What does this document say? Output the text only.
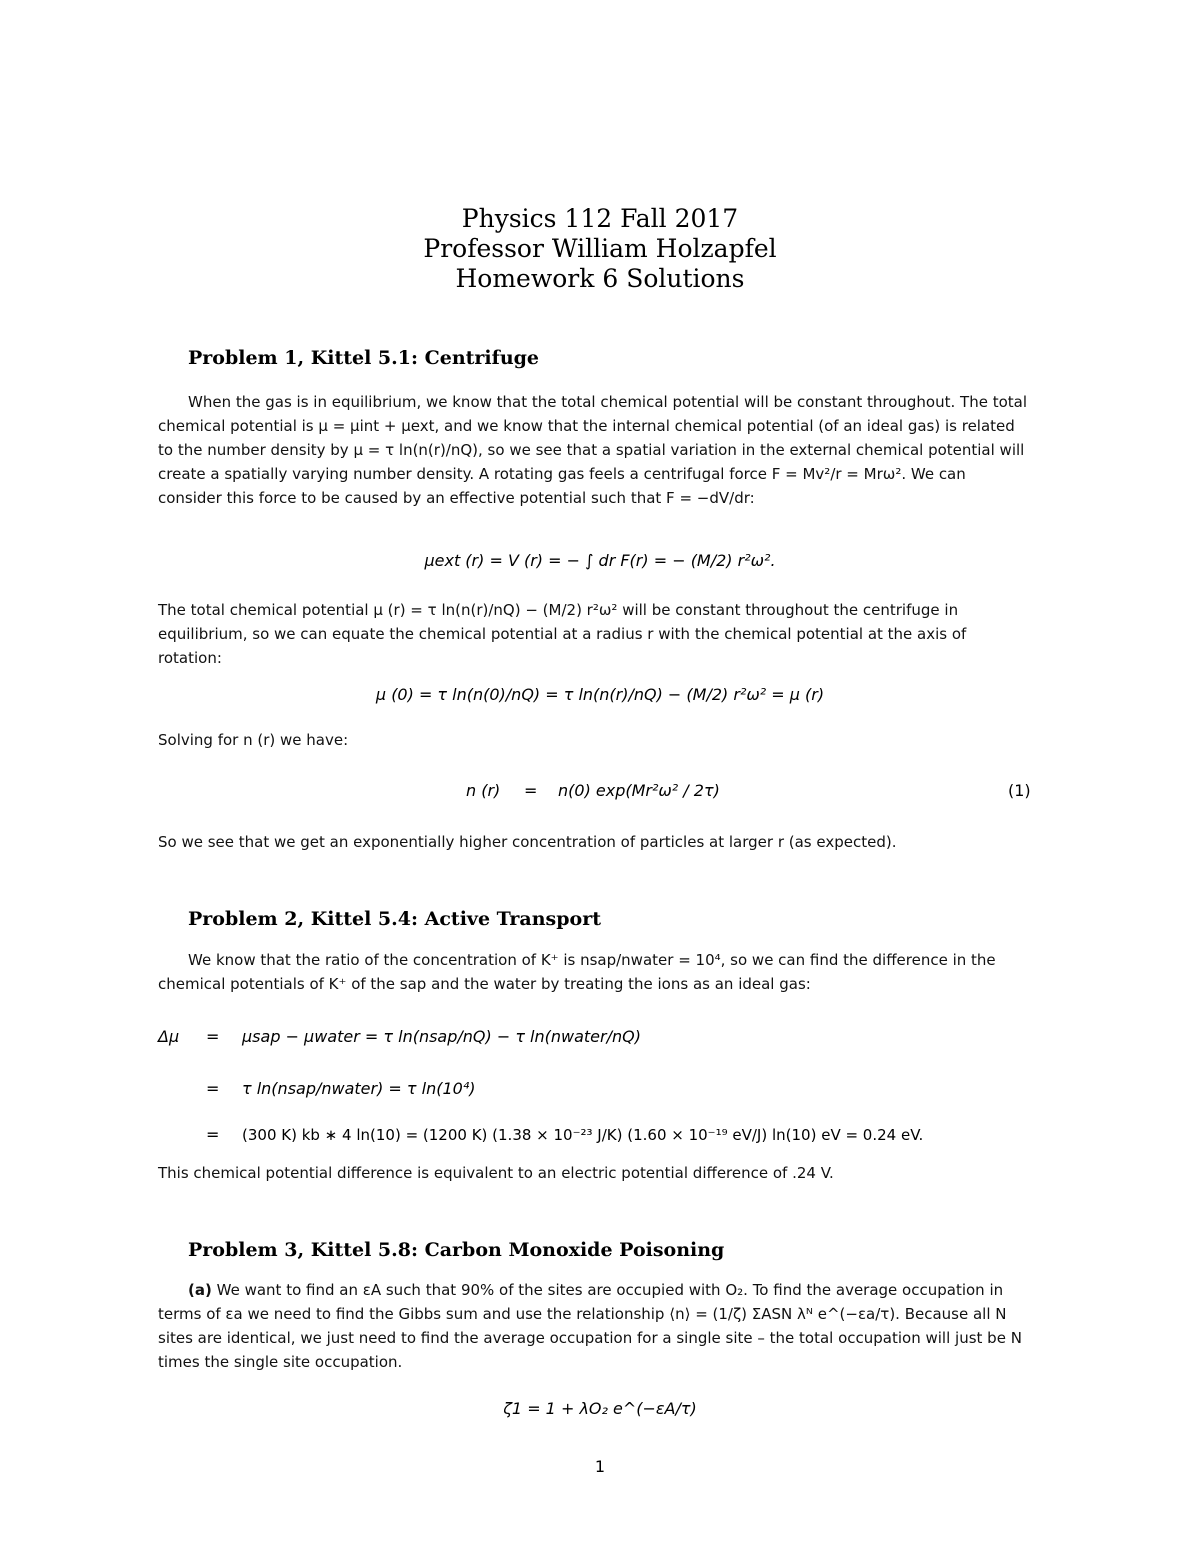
Physics 112 Fall 2017
Professor William Holzapfel
Homework 6 Solutions
Problem 1, Kittel 5.1: Centrifuge

When the gas is in equilibrium, we know that the total chemical potential will be constant throughout. The total chemical potential is μ = μint + μext, and we know that the internal chemical potential (of an ideal gas) is related to the number density by μ = τ ln(n(r)/nQ), so we see that a spatial variation in the external chemical potential will create a spatially varying number density. A rotating gas feels a centrifugal force F = Mv²/r = Mrω². We can consider this force to be caused by an effective potential such that F = −dV/dr:

μext (r) = V (r) = − ∫ dr F(r) = − (M/2) r²ω².

The total chemical potential μ (r) = τ ln(n(r)/nQ) − (M/2) r²ω² will be constant throughout the centrifuge in equilibrium, so we can equate the chemical potential at a radius r with the chemical potential at the axis of rotation:

μ (0) = τ ln(n(0)/nQ) = τ ln(n(r)/nQ) − (M/2) r²ω² = μ (r)

Solving for n (r) we have:

n (r) = n(0) exp(Mr²ω² / 2τ)	(1)

So we see that we get an exponentially higher concentration of particles at larger r (as expected).

Problem 2, Kittel 5.4: Active Transport

We know that the ratio of the concentration of K⁺ is nsap/nwater = 10⁴, so we can find the difference in the chemical potentials of K⁺ of the sap and the water by treating the ions as an ideal gas:

Δμ = μsap − μwater = τ ln(nsap/nQ) − τ ln(nwater/nQ)
= τ ln(nsap/nwater) = τ ln(10⁴)
= (300 K) kb ∗ 4 ln(10) = (1200 K) (1.38 × 10⁻²³ J/K) (1.60 × 10⁻¹⁹ eV/J) ln(10) eV = 0.24 eV.

This chemical potential difference is equivalent to an electric potential difference of .24 V.

Problem 3, Kittel 5.8: Carbon Monoxide Poisoning

(a) We want to find an εA such that 90% of the sites are occupied with O₂. To find the average occupation in terms of εa we need to find the Gibbs sum and use the relationship ⟨n⟩ = (1/ζ) ΣASN λᴺ e^(−εa/τ). Because all N sites are identical, we just need to find the average occupation for a single site – the total occupation will just be N times the single site occupation.

ζ1 = 1 + λO₂ e^(−εA/τ)
1
